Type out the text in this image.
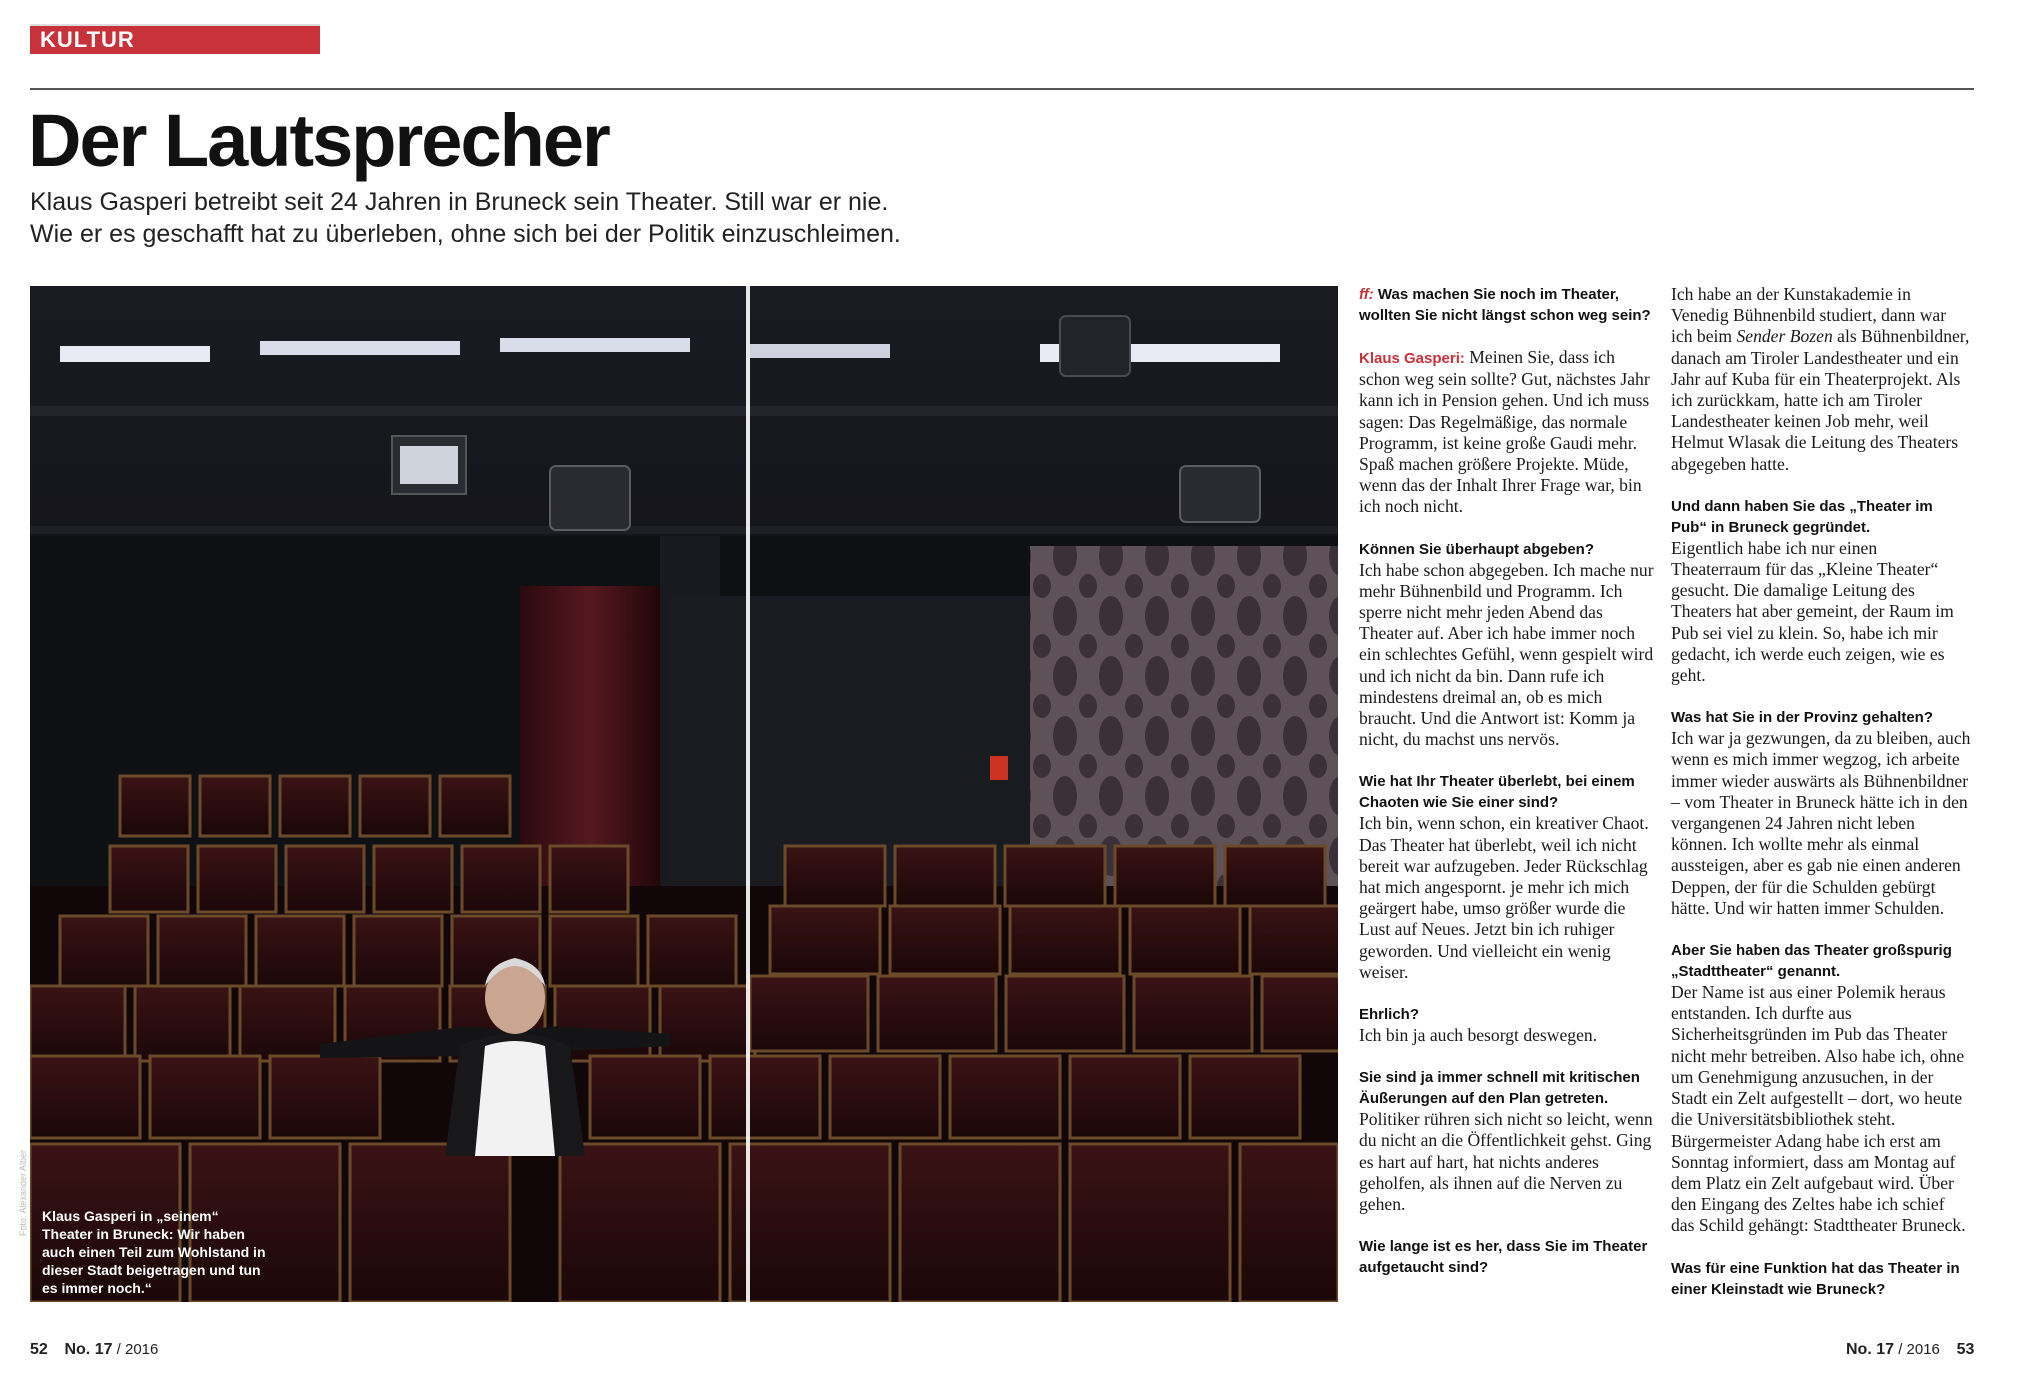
KULTUR
Der Lautsprecher
Klaus Gasperi betreibt seit 24 Jahren in Bruneck sein Theater. Still war er nie.
Wie er es geschafft hat zu überleben, ohne sich bei der Politik einzuschleimen.
Klaus Gasperi in „seinem“ Theater in Bruneck: Wir haben auch einen Teil zum Wohlstand in dieser Stadt beigetragen und tun es immer noch.“
Foto: Alexander Alber
ff: Was machen Sie noch im Theater, wollten Sie nicht längst schon weg sein?
Klaus Gasperi: Meinen Sie, dass ich schon weg sein sollte? Gut, nächstes Jahr kann ich in Pension gehen. Und ich muss sagen: Das Regelmäßige, das normale Programm, ist keine große Gaudi mehr. Spaß machen größere Projekte. Müde, wenn das der Inhalt Ihrer Frage war, bin ich noch nicht.
Können Sie überhaupt abgeben?
Ich habe schon abgegeben. Ich mache nur mehr Bühnenbild und Programm. Ich sperre nicht mehr jeden Abend das Theater auf. Aber ich habe immer noch ein schlechtes Gefühl, wenn gespielt wird und ich nicht da bin. Dann rufe ich mindestens dreimal an, ob es mich braucht. Und die Antwort ist: Komm ja nicht, du machst uns nervös.
Wie hat Ihr Theater überlebt, bei einem Chaoten wie Sie einer sind?
Ich bin, wenn schon, ein kreativer Chaot. Das Theater hat überlebt, weil ich nicht bereit war aufzugeben. Jeder Rückschlag hat mich angespornt. je mehr ich mich geärgert habe, umso größer wurde die Lust auf Neues. Jetzt bin ich ruhiger geworden. Und vielleicht ein wenig weiser.
Ehrlich?
Ich bin ja auch besorgt deswegen.
Sie sind ja immer schnell mit kritischen Äußerungen auf den Plan getreten.
Politiker rühren sich nicht so leicht, wenn du nicht an die Öffentlichkeit gehst. Ging es hart auf hart, hat nichts anderes geholfen, als ihnen auf die Nerven zu gehen.
Wie lange ist es her, dass Sie im Theater aufgetaucht sind?
Ich habe an der Kunstakademie in Venedig Bühnenbild studiert, dann war ich beim Sender Bozen als Bühnenbildner, danach am Tiroler Landestheater und ein Jahr auf Kuba für ein Theaterprojekt. Als ich zurückkam, hatte ich am Tiroler Landestheater keinen Job mehr, weil Helmut Wlasak die Leitung des Theaters abgegeben hatte.
Und dann haben Sie das „Theater im Pub“ in Bruneck gegründet.
Eigentlich habe ich nur einen Theaterraum für das „Kleine Theater“ gesucht. Die damalige Leitung des Theaters hat aber gemeint, der Raum im Pub sei viel zu klein. So, habe ich mir gedacht, ich werde euch zeigen, wie es geht.
Was hat Sie in der Provinz gehalten?
Ich war ja gezwungen, da zu bleiben, auch wenn es mich immer wegzog, ich arbeite immer wieder auswärts als Bühnenbildner – vom Theater in Bruneck hätte ich in den vergangenen 24 Jahren nicht leben können. Ich wollte mehr als einmal aussteigen, aber es gab nie einen anderen Deppen, der für die Schulden gebürgt hätte. Und wir hatten immer Schulden.
Aber Sie haben das Theater großspurig „Stadttheater“ genannt.
Der Name ist aus einer Polemik heraus entstanden. Ich durfte aus Sicherheitsgründen im Pub das Theater nicht mehr betreiben. Also habe ich, ohne um Genehmigung anzusuchen, in der Stadt ein Zelt aufgestellt – dort, wo heute die Universitätsbibliothek steht. Bürgermeister Adang habe ich erst am Sonntag informiert, dass am Montag auf dem Platz ein Zelt aufgebaut wird. Über den Eingang des Zeltes habe ich schief das Schild gehängt: Stadttheater Bruneck.
Was für eine Funktion hat das Theater in einer Kleinstadt wie Bruneck?
52 No. 17 / 2016	No. 17 / 2016 53
